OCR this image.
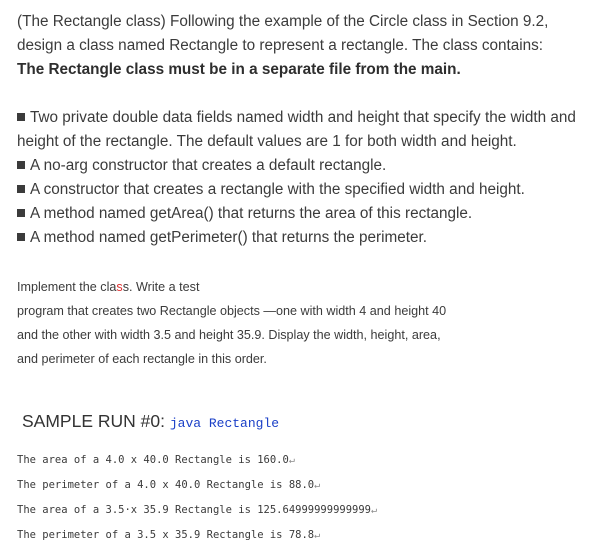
(The Rectangle class) Following the example of the Circle class in Section 9.2,
design a class named Rectangle to represent a rectangle. The class contains:
The Rectangle class must be in a separate file from the main.

Two private double data fields named width and height that specify the width and height of the rectangle. The default values are 1 for both width and height.
A no-arg constructor that creates a default rectangle.
A constructor that creates a rectangle with the specified width and height.
A method named getArea() that returns the area of this rectangle.
A method named getPerimeter() that returns the perimeter.
Implement the class. Write a test
program that creates two Rectangle objects —one with width 4 and height 40
and the other with width 3.5 and height 35.9. Display the width, height, area,
and perimeter of each rectangle in this order.
SAMPLE RUN #0: java Rectangle
The area of a 4.0 x 40.0 Rectangle is 160.0↵
The perimeter of a 4.0 x 40.0 Rectangle is 88.0↵
The area of a 3.5·x 35.9 Rectangle is 125.64999999999999↵
The perimeter of a 3.5 x 35.9 Rectangle is 78.8↵
